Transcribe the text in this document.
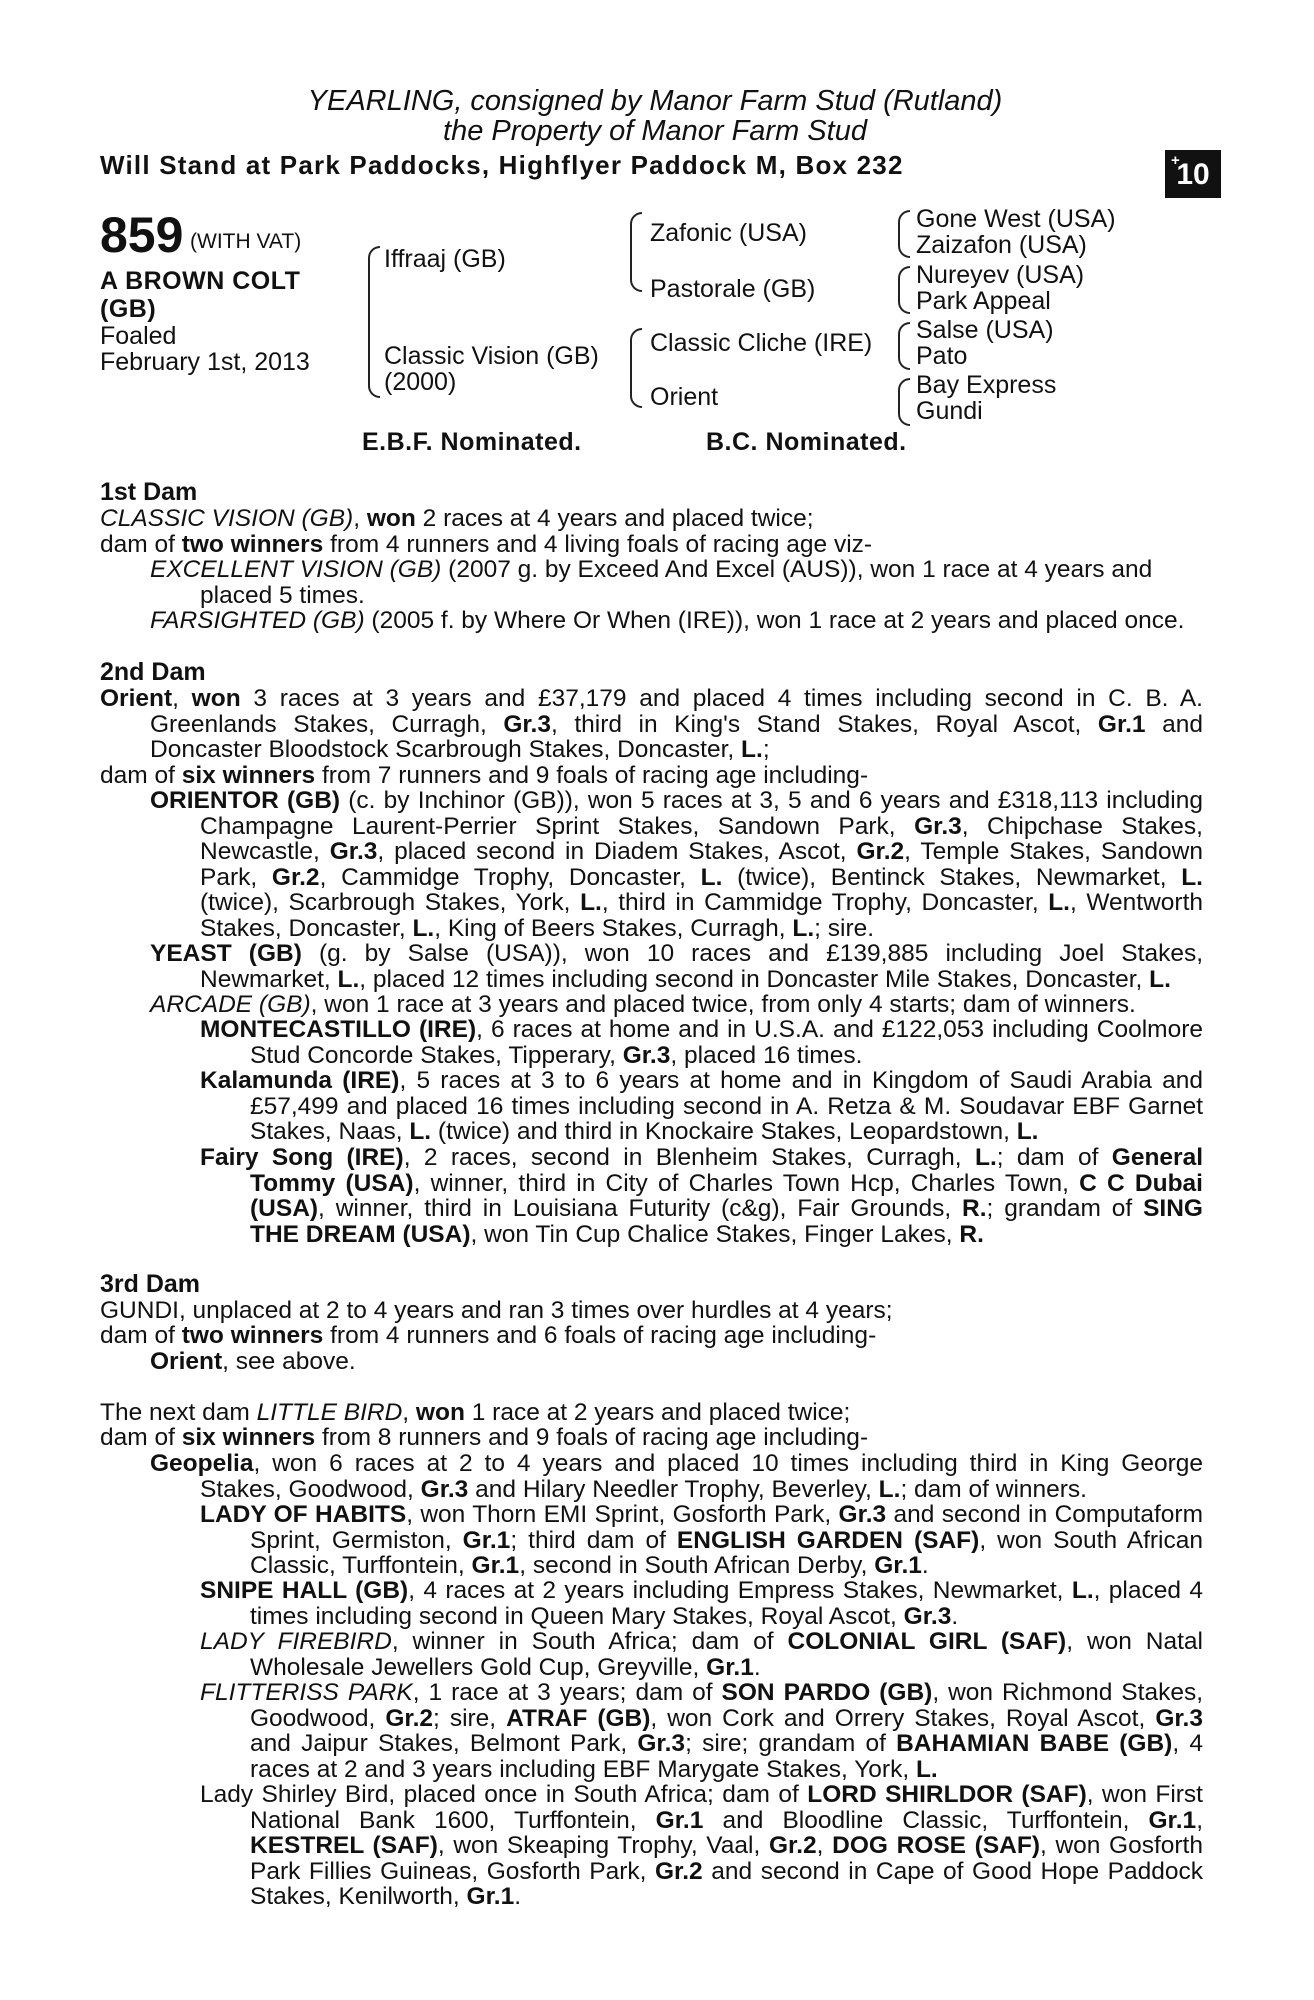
YEARLING, consigned by Manor Farm Stud (Rutland)
the Property of Manor Farm Stud
Will Stand at Park Paddocks, Highflyer Paddock M, Box 232	+
10
859 (WITH VAT)
A BROWN COLT
(GB)
Foaled
February 1st, 2013
Iffraaj (GB)
Classic Vision (GB)
(2000)
Zafonic (USA)
Pastorale (GB)
Classic Cliche (IRE)
Orient
Gone West (USA)
Zaizafon (USA)
Nureyev (USA)
Park Appeal
Salse (USA)
Pato
Bay Express
Gundi
E.B.F. Nominated.	B.C. Nominated.
1st Dam
CLASSIC VISION (GB), won 2 races at 4 years and placed twice;
dam of two winners from 4 runners and 4 living foals of racing age viz-
EXCELLENT VISION (GB) (2007 g. by Exceed And Excel (AUS)), won 1 race at 4 years and
placed 5 times.
FARSIGHTED (GB) (2005 f. by Where Or When (IRE)), won 1 race at 2 years and placed once.
2nd Dam
Orient, won 3 races at 3 years and £37,179 and placed 4 times including second in C. B. A. Greenlands Stakes, Curragh, Gr.3, third in King's Stand Stakes, Royal Ascot, Gr.1 and Doncaster Bloodstock Scarbrough Stakes, Doncaster, L.;
dam of six winners from 7 runners and 9 foals of racing age including-
ORIENTOR (GB) (c. by Inchinor (GB)), won 5 races at 3, 5 and 6 years and £318,113 including Champagne Laurent-Perrier Sprint Stakes, Sandown Park, Gr.3, Chipchase Stakes, Newcastle, Gr.3, placed second in Diadem Stakes, Ascot, Gr.2, Temple Stakes, Sandown Park, Gr.2, Cammidge Trophy, Doncaster, L. (twice), Bentinck Stakes, Newmarket, L. (twice), Scarbrough Stakes, York, L., third in Cammidge Trophy, Doncaster, L., Wentworth Stakes, Doncaster, L., King of Beers Stakes, Curragh, L.; sire.
YEAST (GB) (g. by Salse (USA)), won 10 races and £139,885 including Joel Stakes, Newmarket, L., placed 12 times including second in Doncaster Mile Stakes, Doncaster, L.
ARCADE (GB), won 1 race at 3 years and placed twice, from only 4 starts; dam of winners.
MONTECASTILLO (IRE), 6 races at home and in U.S.A. and £122,053 including Coolmore Stud Concorde Stakes, Tipperary, Gr.3, placed 16 times.
Kalamunda (IRE), 5 races at 3 to 6 years at home and in Kingdom of Saudi Arabia and £57,499 and placed 16 times including second in A. Retza & M. Soudavar EBF Garnet Stakes, Naas, L. (twice) and third in Knockaire Stakes, Leopardstown, L.
Fairy Song (IRE), 2 races, second in Blenheim Stakes, Curragh, L.; dam of General Tommy (USA), winner, third in City of Charles Town Hcp, Charles Town, C C Dubai (USA), winner, third in Louisiana Futurity (c&g), Fair Grounds, R.; grandam of SING THE DREAM (USA), won Tin Cup Chalice Stakes, Finger Lakes, R.
3rd Dam
GUNDI, unplaced at 2 to 4 years and ran 3 times over hurdles at 4 years;
dam of two winners from 4 runners and 6 foals of racing age including-
Orient, see above.
The next dam LITTLE BIRD, won 1 race at 2 years and placed twice;
dam of six winners from 8 runners and 9 foals of racing age including-
Geopelia, won 6 races at 2 to 4 years and placed 10 times including third in King George Stakes, Goodwood, Gr.3 and Hilary Needler Trophy, Beverley, L.; dam of winners.
LADY OF HABITS, won Thorn EMI Sprint, Gosforth Park, Gr.3 and second in Computaform Sprint, Germiston, Gr.1; third dam of ENGLISH GARDEN (SAF), won South African Classic, Turffontein, Gr.1, second in South African Derby, Gr.1.
SNIPE HALL (GB), 4 races at 2 years including Empress Stakes, Newmarket, L., placed 4 times including second in Queen Mary Stakes, Royal Ascot, Gr.3.
LADY FIREBIRD, winner in South Africa; dam of COLONIAL GIRL (SAF), won Natal Wholesale Jewellers Gold Cup, Greyville, Gr.1.
FLITTERISS PARK, 1 race at 3 years; dam of SON PARDO (GB), won Richmond Stakes, Goodwood, Gr.2; sire, ATRAF (GB), won Cork and Orrery Stakes, Royal Ascot, Gr.3 and Jaipur Stakes, Belmont Park, Gr.3; sire; grandam of BAHAMIAN BABE (GB), 4 races at 2 and 3 years including EBF Marygate Stakes, York, L.
Lady Shirley Bird, placed once in South Africa; dam of LORD SHIRLDOR (SAF), won First National Bank 1600, Turffontein, Gr.1 and Bloodline Classic, Turffontein, Gr.1, KESTREL (SAF), won Skeaping Trophy, Vaal, Gr.2, DOG ROSE (SAF), won Gosforth Park Fillies Guineas, Gosforth Park, Gr.2 and second in Cape of Good Hope Paddock Stakes, Kenilworth, Gr.1.
